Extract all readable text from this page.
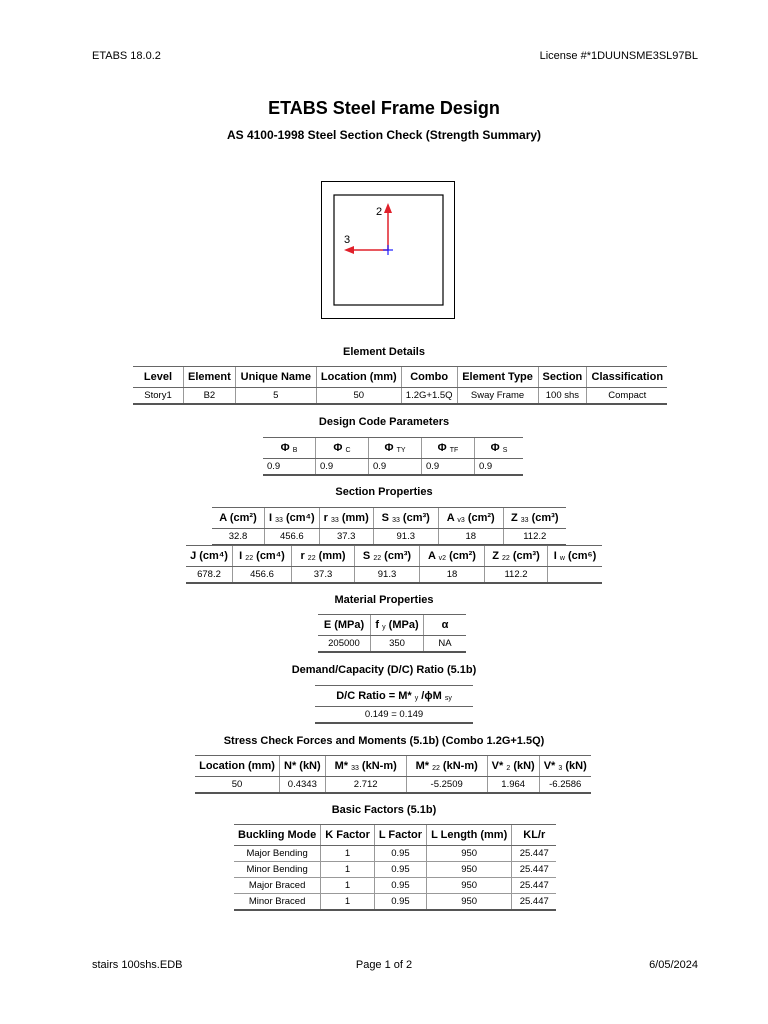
ETABS 18.0.2	License #*1DUUNSME3SL97BL
ETABS Steel Frame Design
AS 4100-1998 Steel Section Check (Strength Summary)
2
3
Element Details
Level	Element	Unique Name	Location (mm)	Combo	Element Type	Section	Classification
Story1	B2	5	50	1.2G+1.5Q	Sway Frame	100 shs	Compact
Design Code Parameters
Φ $_B$	Φ $_C$	Φ $_{TY}$	Φ $_{TF}$	Φ $_S$
0.9	0.9	0.9	0.9	0.9
Section Properties
A (cm²)	I $_{33}$ (cm⁴)	r $_{33}$ (mm)	S $_{33}$ (cm³)	A $_{v3}$ (cm²)	Z $_{33}$ (cm³)
32.8	456.6	37.3	91.3	18	112.2
J (cm⁴)	I $_{22}$ (cm⁴)	r $_{22}$ (mm)	S $_{22}$ (cm³)	A $_{v2}$ (cm²)	Z $_{22}$ (cm³)	I $_w$ (cm⁶)
678.2	456.6	37.3	91.3	18	112.2	
Material Properties
E (MPa)	f $_y$ (MPa)	α
205000	350	NA
Demand/Capacity (D/C) Ratio (5.1b)
D/C Ratio = M* $_y$ /ϕM $_{sy}$
0.149 = 0.149
Stress Check Forces and Moments (5.1b) (Combo 1.2G+1.5Q)
Location (mm)	N* (kN)	M* $_{33}$ (kN-m)	M* $_{22}$ (kN-m)	V* $_2$ (kN)	V* $_3$ (kN)
50	0.4343	2.712	-5.2509	1.964	-6.2586
Basic Factors (5.1b)
Buckling Mode	K Factor	L Factor	L Length (mm)	KL/r
Major Bending	1	0.95	950	25.447
Minor Bending	1	0.95	950	25.447
Major Braced	1	0.95	950	25.447
Minor Braced	1	0.95	950	25.447
stairs 100shs.EDB	Page 1 of 2	6/05/2024
